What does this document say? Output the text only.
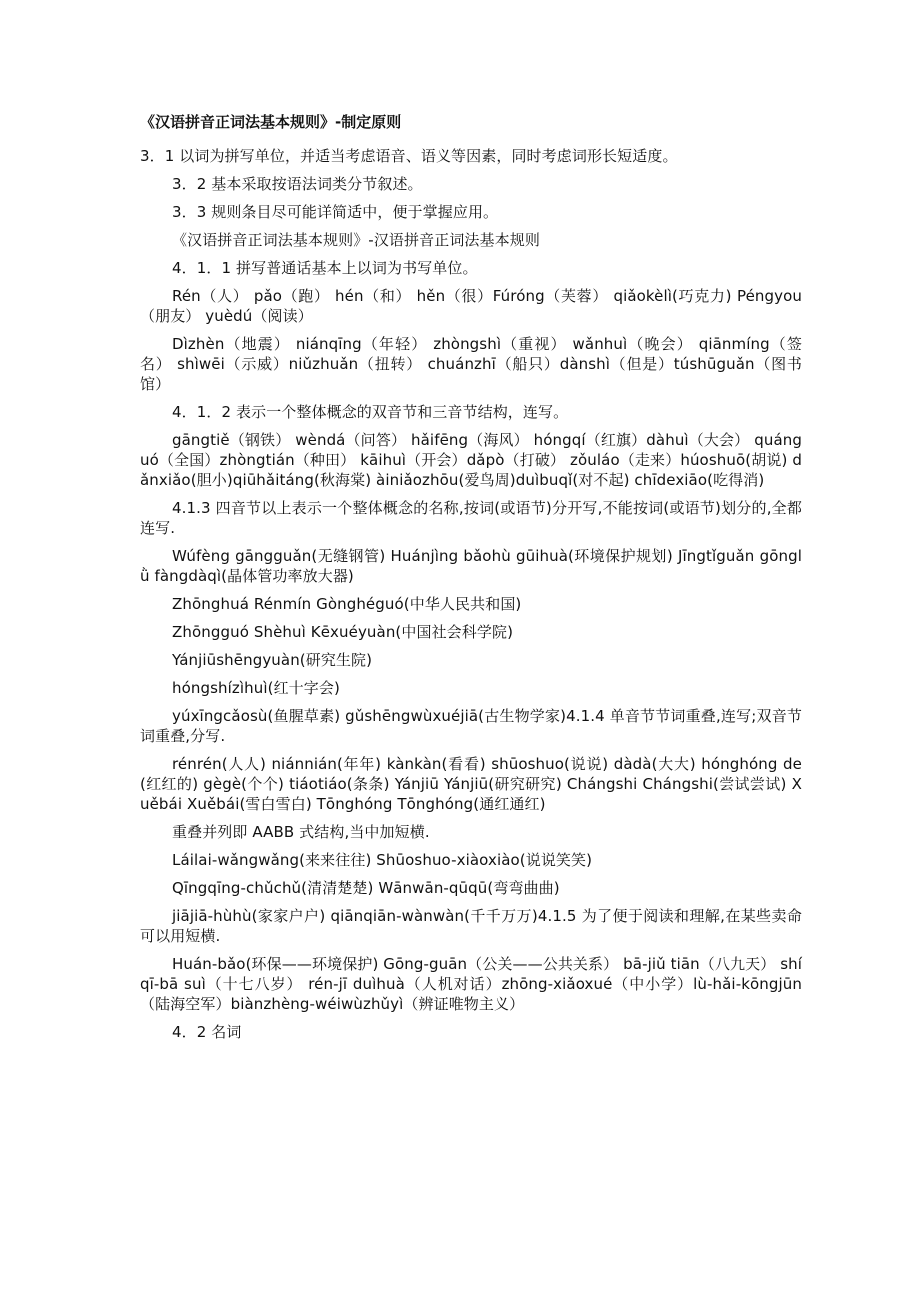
《汉语拼音正词法基本规则》-制定原则

3．1 以词为拼写单位，并适当考虑语音、语义等因素，同时考虑词形长短适度。

3．2 基本采取按语法词类分节叙述。

3．3 规则条目尽可能详简适中，便于掌握应用。

《汉语拼音正词法基本规则》-汉语拼音正词法基本规则

4．1．1 拼写普通话基本上以词为书写单位。

Rén（人） pǎo（跑） hén（和） hěn（很）Fúróng（芙蓉） qiǎokèlì(巧克力) Péngyou（朋友） yuèdú（阅读）

Dìzhèn（地震） niánqīng（年轻） zhòngshì（重视） wǎnhuì（晚会） qiānmíng（签名） shìwēi（示威）niǔzhuǎn（扭转） chuánzhī（船只）dànshì（但是）túshūguǎn（图书馆）

4．1．2 表示一个整体概念的双音节和三音节结构，连写。

gāngtiě（钢铁） wèndá（问答） hǎifēng（海风） hóngqí（红旗）dàhuì（大会） quánguó（全国）zhòngtián（种田） kāihuì（开会）dǎpò（打破） zǒuláo（走来）húoshuō(胡说) dǎnxiǎo(胆小)qiūhǎitáng(秋海棠) àiniǎozhōu(爱鸟周)duìbuqǐ(对不起) chīdexiāo(吃得消)

4.1.3 四音节以上表示一个整体概念的名称,按词(或语节)分开写,不能按词(或语节)划分的,全都连写.

Wúfèng gāngguǎn(无缝钢管) Huánjìng bǎohù gūihuà(环境保护规划) Jīngtǐguǎn gōnglǜ fàngdàqì(晶体管功率放大器)

Zhōnghuá Rénmín Gònghéguó(中华人民共和国)

Zhōngguó Shèhuì Kēxuéyuàn(中国社会科学院)

Yánjiūshēngyuàn(研究生院)

hóngshízìhuì(红十字会)

yúxīngcǎosù(鱼腥草素) gǔshēngwùxuéjiā(古生物学家)4.1.4 单音节节词重叠,连写;双音节词重叠,分写.

rénrén(人人) niánnián(年年) kànkàn(看看) shūoshuo(说说) dàdà(大大) hónghóng de(红红的) gègè(个个) tiáotiáo(条条) Yánjiū Yánjiū(研究研究) Chángshi Chángshi(尝试尝试) Xuěbái Xuěbái(雪白雪白) Tōnghóng Tōnghóng(通红通红)

重叠并列即 AABB 式结构,当中加短横.

Láilai-wǎngwǎng(来来往往) Shūoshuo-xiàoxiào(说说笑笑)

Qīngqīng-chǔchǔ(清清楚楚) Wānwān-qūqū(弯弯曲曲)

jiājiā-hùhù(家家户户) qiānqiān-wànwàn(千千万万)4.1.5 为了便于阅读和理解,在某些卖命可以用短横.

Huán-bǎo(环保——环境保护) Gōng-guān（公关——公共关系） bā-jiǔ tiān（八九天） shíqī-bā suì（十七八岁） rén-jī duìhuà（人机对话）zhōng-xiǎoxué（中小学）lù-hǎi-kōngjūn（陆海空军）biànzhèng-wéiwùzhǔyì（辨证唯物主义）

4．2 名词
